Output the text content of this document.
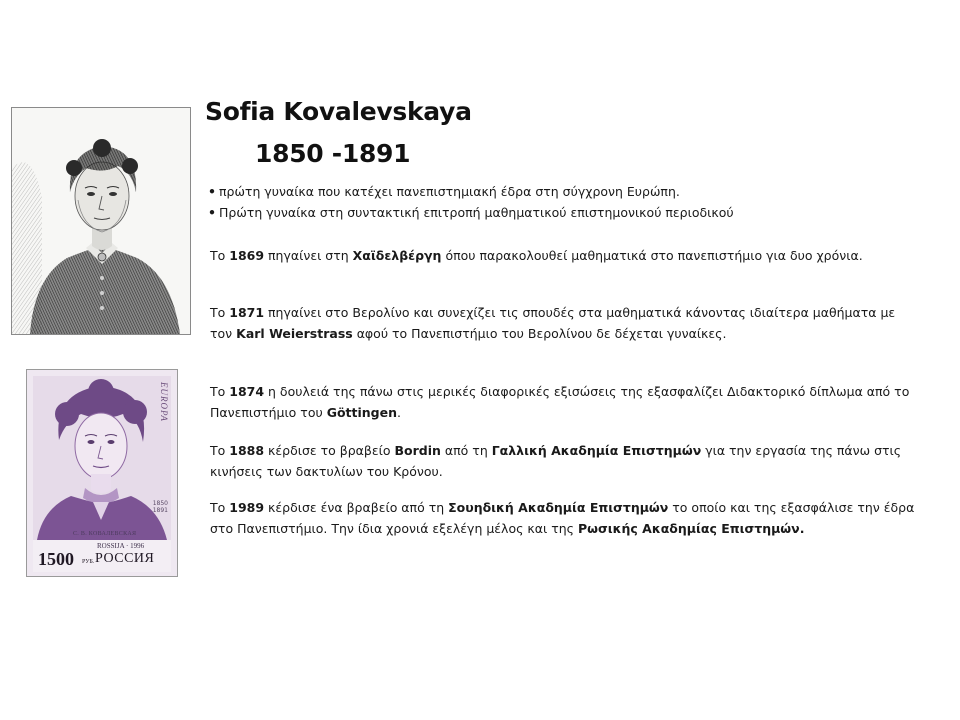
EUROPA
1850
1891
С. В. КОВАЛЕВСКАЯ
ROSSIJA · 1996
1500 РУБ. РОССИЯ
Sofia Kovalevskaya
1850 -1891
• πρώτη γυναίκα που κατέχει πανεπιστημιακή έδρα στη σύγχρονη Ευρώπη.
• Πρώτη γυναίκα στη συντακτική επιτροπή μαθηματικού επιστημονικού περιοδικού
Το 1869 πηγαίνει στη Χαϊδελβέργη όπου παρακολουθεί μαθηματικά στο πανεπιστήμιο για δυο χρόνια.
Το 1871 πηγαίνει στο Βερολίνο και συνεχίζει τις σπουδές στα μαθηματικά κάνοντας ιδιαίτερα μαθήματα με τον Karl Weierstrass αφού το Πανεπιστήμιο του Βερολίνου δε δέχεται γυναίκες.
Το 1874 η δουλειά της πάνω στις μερικές διαφορικές εξισώσεις της εξασφαλίζει Διδακτορικό δίπλωμα από το Πανεπιστήμιο του Göttingen.
Το 1888 κέρδισε το βραβείο Bordin από τη Γαλλική Ακαδημία Επιστημών για την εργασία της πάνω στις κινήσεις των δακτυλίων του Κρόνου.
Το 1989 κέρδισε ένα βραβείο από τη Σουηδική Ακαδημία Επιστημών το οποίο και της εξασφάλισε την έδρα στο Πανεπιστήμιο. Την ίδια χρονιά εξελέγη μέλος και της Ρωσικής Ακαδημίας Επιστημών.
